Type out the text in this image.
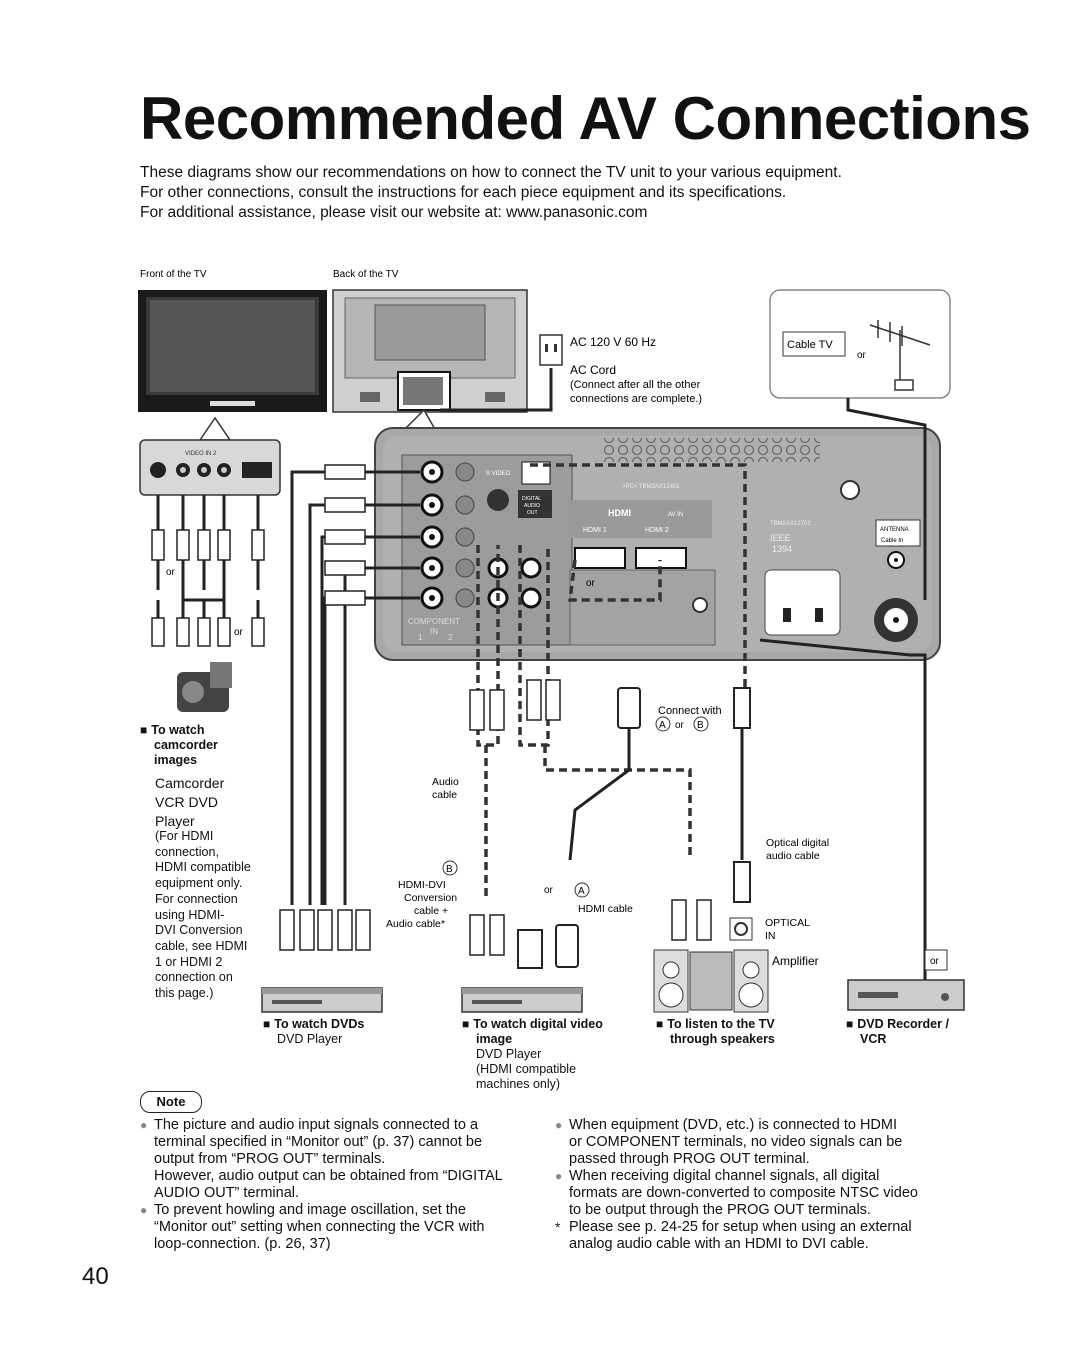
Recommended AV Connections
These diagrams show our recommendations on how to connect the TV unit to your various equipment.
For other connections, consult the instructions for each piece equipment and its specifications.
For additional assistance, please visit our website at: www.panasonic.com
Front of the TV	Back of the TV
VIDEO IN 2
or
or
AC 120 V 60 Hz
AC Cord
(Connect after all the other
connections are complete.)
Cable TV
or
S VIDEO
DIGITAL
AUDIO
OUT
COMPONENT
IN
1	2
>PC< TBM2AX12401
HDMI	AV IN
HDMI 1	HDMI 2
TBM2AX12701
IEEE
1394
ANTENNA
Cable In
or
Connect with
A or B
Audio
cable
Optical digital
audio cable
B
HDMI-DVI
Conversion
cable +
Audio cable*
or	A
HDMI cable
OPTICAL
IN
Amplifier	or
■ To watch
camcorder
images
Camcorder
VCR DVD
Player
(For HDMI
connection,
HDMI compatible
equipment only.
For connection
using HDMI-
DVI Conversion
cable, see HDMI
1 or HDMI 2
connection on
this page.)
■ To watch DVDs
DVD Player
■ To watch digital video
image
DVD Player
(HDMI compatible
machines only)
■ To listen to the TV
through speakers
■ DVD Recorder /
VCR
Note
● The picture and audio input signals connected to a
terminal specified in “Monitor out” (p. 37) cannot be
output from “PROG OUT” terminals.
However, audio output can be obtained from “DIGITAL
AUDIO OUT” terminal.
● To prevent howling and image oscillation, set the
“Monitor out” setting when connecting the VCR with
loop-connection. (p. 26, 37)
● When equipment (DVD, etc.) is connected to HDMI
or COMPONENT terminals, no video signals can be
passed through PROG OUT terminal.
● When receiving digital channel signals, all digital
formats are down-converted to composite NTSC video
to be output through the PROG OUT terminals.
* Please see p. 24-25 for setup when using an external
analog audio cable with an HDMI to DVI cable.
40
